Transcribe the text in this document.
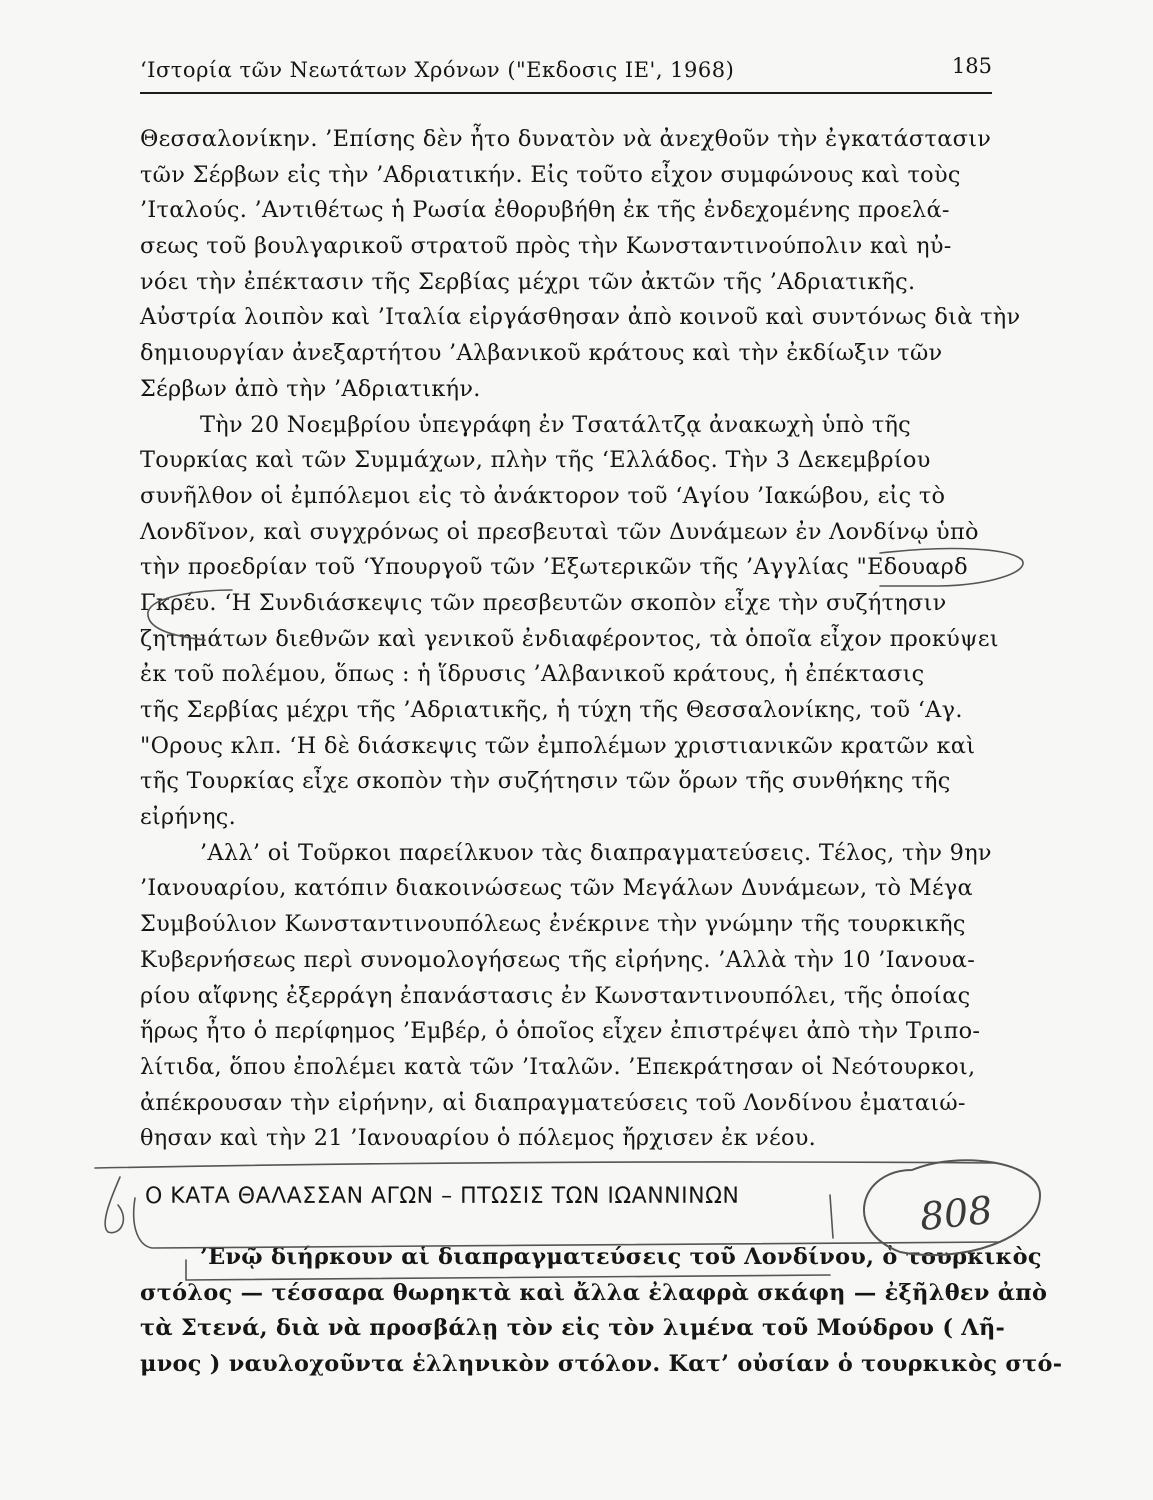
‘Ιστορία τῶν Νεωτάτων Χρόνων ("Εκδοσις ΙΕ', 1968)	185
Θεσσαλονίκην. ’Επίσης δὲν ἦτο δυνατὸν νὰ ἀνεχθοῦν τὴν ἐγκατάστασιν
τῶν Σέρβων εἰς τὴν ’Αδριατικήν. Εἰς τοῦτο εἶχον συμφώνους καὶ τοὺς
’Ιταλούς. ’Αντιθέτως ἡ Ρωσία ἐθορυβήθη ἐκ τῆς ἐνδεχομένης προελά-
σεως τοῦ βουλγαρικοῦ στρατοῦ πρὸς τὴν Κωνσταντινούπολιν καὶ ηὐ-
νόει τὴν ἐπέκτασιν τῆς Σερβίας μέχρι τῶν ἀκτῶν τῆς ’Αδριατικῆς.
Αὐστρία λοιπὸν καὶ ’Ιταλία εἰργάσθησαν ἀπὸ κοινοῦ καὶ συντόνως διὰ τὴν
δημιουργίαν ἀνεξαρτήτου ’Αλβανικοῦ κράτους καὶ τὴν ἐκδίωξιν τῶν
Σέρβων ἀπὸ τὴν ’Αδριατικήν.
Τὴν 20 Νοεμβρίου ὑπεγράφη ἐν Τσατάλτζᾳ ἀνακωχὴ ὑπὸ τῆς
Τουρκίας καὶ τῶν Συμμάχων, πλὴν τῆς ‘Ελλάδος. Τὴν 3 Δεκεμβρίου
συνῆλθον οἱ ἐμπόλεμοι εἰς τὸ ἀνάκτορον τοῦ ‘Αγίου ’Ιακώβου, εἰς τὸ
Λονδῖνον, καὶ συγχρόνως οἱ πρεσβευταὶ τῶν Δυνάμεων ἐν Λονδίνῳ ὑπὸ
τὴν προεδρίαν τοῦ ‘Υπουργοῦ τῶν ’Εξωτερικῶν τῆς ’Αγγλίας "Εδουαρδ
Γκρέυ. ‘Η Συνδιάσκεψις τῶν πρεσβευτῶν σκοπὸν εἶχε τὴν συζήτησιν
ζητημάτων διεθνῶν καὶ γενικοῦ ἐνδιαφέροντος, τὰ ὁποῖα εἶχον προκύψει
ἐκ τοῦ πολέμου, ὅπως : ἡ ἵδρυσις ’Αλβανικοῦ κράτους, ἡ ἐπέκτασις
τῆς Σερβίας μέχρι τῆς ’Αδριατικῆς, ἡ τύχη τῆς Θεσσαλονίκης, τοῦ ‘Αγ.
"Ορους κλπ. ‘Η δὲ διάσκεψις τῶν ἐμπολέμων χριστιανικῶν κρατῶν καὶ
τῆς Τουρκίας εἶχε σκοπὸν τὴν συζήτησιν τῶν ὅρων τῆς συνθήκης τῆς
εἰρήνης.
’Αλλ’ οἱ Τοῦρκοι παρείλκυον τὰς διαπραγματεύσεις. Τέλος, τὴν 9ην
’Ιανουαρίου, κατόπιν διακοινώσεως τῶν Μεγάλων Δυνάμεων, τὸ Μέγα
Συμβούλιον Κωνσταντινουπόλεως ἐνέκρινε τὴν γνώμην τῆς τουρκικῆς
Κυβερνήσεως περὶ συνομολογήσεως τῆς εἰρήνης. ’Αλλὰ τὴν 10 ’Ιανουα-
ρίου αἴφνης ἐξερράγη ἐπανάστασις ἐν Κωνσταντινουπόλει, τῆς ὁποίας
ἥρως ἦτο ὁ περίφημος ’Εμβέρ, ὁ ὁποῖος εἶχεν ἐπιστρέψει ἀπὸ τὴν Τριπο-
λίτιδα, ὅπου ἐπολέμει κατὰ τῶν ’Ιταλῶν. ’Επεκράτησαν οἱ Νεότουρκοι,
ἀπέκρουσαν τὴν εἰρήνην, αἱ διαπραγματεύσεις τοῦ Λονδίνου ἐματαιώ-
θησαν καὶ τὴν 21 ’Ιανουαρίου ὁ πόλεμος ἤρχισεν ἐκ νέου.
Ο ΚΑΤΑ ΘΑΛΑΣΣΑΝ ΑΓΩΝ – ΠΤΩΣΙΣ ΤΩΝ ΙΩΑΝΝΙΝΩΝ
’Ενῷ διήρκουν αἱ διαπραγματεύσεις τοῦ Λονδίνου, ὁ τουρκικὸς
στόλος — τέσσαρα θωρηκτὰ καὶ ἄλλα ἐλαφρὰ σκάφη — ἐξῆλθεν ἀπὸ
τὰ Στενά, διὰ νὰ προσβάλῃ τὸν εἰς τὸν λιμένα τοῦ Μούδρου ( Λῆ-
μνος ) ναυλοχοῦντα ἑλληνικὸν στόλον. Κατ’ οὐσίαν ὁ τουρκικὸς στό-
808
